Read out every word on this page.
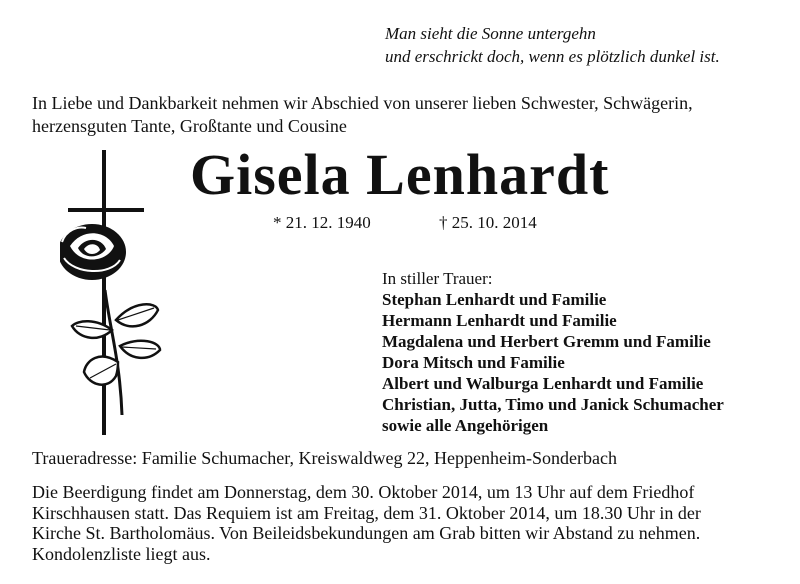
Man sieht die Sonne untergehn
und erschrickt doch, wenn es plötzlich dunkel ist.
In Liebe und Dankbarkeit nehmen wir Abschied von unserer lieben Schwester, Schwägerin,
herzensguten Tante, Großtante und Cousine
Gisela Lenhardt
* 21. 12. 1940	† 25. 10. 2014
In stiller Trauer:
Stephan Lenhardt und Familie
Hermann Lenhardt und Familie
Magdalena und Herbert Gremm und Familie
Dora Mitsch und Familie
Albert und Walburga Lenhardt und Familie
Christian, Jutta, Timo und Janick Schumacher
sowie alle Angehörigen
Traueradresse: Familie Schumacher, Kreiswaldweg 22, Heppenheim-Sonderbach
Die Beerdigung findet am Donnerstag, dem 30. Oktober 2014, um 13 Uhr auf dem Friedhof
Kirschhausen statt. Das Requiem ist am Freitag, dem 31. Oktober 2014, um 18.30 Uhr in der
Kirche St. Bartholomäus. Von Beileidsbekundungen am Grab bitten wir Abstand zu nehmen.
Kondolenzliste liegt aus.
